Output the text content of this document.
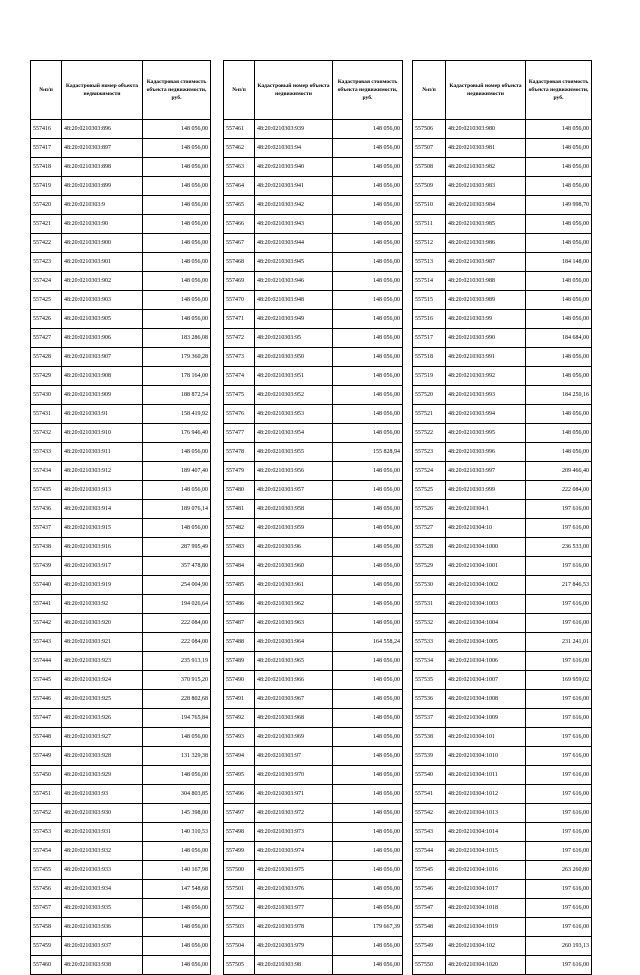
№п/п	Кадастровый номер объекта недвижимости	Кадастровая стоимость объекта недвижимости, руб.
557416	48:20:0210303:896	148 056,00
557417	48:20:0210303:897	148 056,00
557418	48:20:0210303:898	148 056,00
557419	48:20:0210303:899	148 056,00
557420	48:20:0210303:9	148 056,00
557421	48:20:0210303:90	148 056,00
557422	48:20:0210303:900	148 056,00
557423	48:20:0210303:901	148 056,00
557424	48:20:0210303:902	148 056,00
557425	48:20:0210303:903	148 056,00
557426	48:20:0210303:905	148 056,00
557427	48:20:0210303:906	183 286,08
557428	48:20:0210303:907	179 360,28
557429	48:20:0210303:908	178 164,00
557430	48:20:0210303:909	188 872,54
557431	48:20:0210303:91	158 419,92
557432	48:20:0210303:910	176 946,40
557433	48:20:0210303:911	148 056,00
557434	48:20:0210303:912	189 407,40
557435	48:20:0210303:913	148 056,00
557436	48:20:0210303:914	189 076,14
557437	48:20:0210303:915	148 056,00
557438	48:20:0210303:916	287 995,49
557439	48:20:0210303:917	357 478,80
557440	48:20:0210303:919	254 004,90
557441	48:20:0210303:92	194 026,64
557442	48:20:0210303:920	222 084,00
557443	48:20:0210303:921	222 084,00
557444	48:20:0210303:923	235 913,19
557445	48:20:0210303:924	370 915,20
557446	48:20:0210303:925	228 802,68
557447	48:20:0210303:926	194 765,84
557448	48:20:0210303:927	148 056,00
557449	48:20:0210303:928	131 329,38
557450	48:20:0210303:929	148 056,00
557451	48:20:0210303:93	304 803,85
557452	48:20:0210303:930	145 398,00
557453	48:20:0210303:931	140 310,53
557454	48:20:0210303:932	148 056,00
557455	48:20:0210303:933	140 167,98
557456	48:20:0210303:934	147 548,68
557457	48:20:0210303:935	148 056,00
557458	48:20:0210303:936	148 056,00
557459	48:20:0210303:937	148 056,00
557460	48:20:0210303:938	148 056,00
№п/п	Кадастровый номер объекта недвижимости	Кадастровая стоимость объекта недвижимости, руб.
557461	48:20:0210303:939	148 056,00
557462	48:20:0210303:94	148 056,00
557463	48:20:0210303:940	148 056,00
557464	48:20:0210303:941	148 056,00
557465	48:20:0210303:942	148 056,00
557466	48:20:0210303:943	148 056,00
557467	48:20:0210303:944	148 056,00
557468	48:20:0210303:945	148 056,00
557469	48:20:0210303:946	148 056,00
557470	48:20:0210303:948	148 056,00
557471	48:20:0210303:949	148 056,00
557472	48:20:0210303:95	148 056,00
557473	48:20:0210303:950	148 056,00
557474	48:20:0210303:951	148 056,00
557475	48:20:0210303:952	148 056,00
557476	48:20:0210303:953	148 056,00
557477	48:20:0210303:954	148 056,00
557478	48:20:0210303:955	155 828,94
557479	48:20:0210303:956	148 056,00
557480	48:20:0210303:957	148 056,00
557481	48:20:0210303:958	148 056,00
557482	48:20:0210303:959	148 056,00
557483	48:20:0210303:96	148 056,00
557484	48:20:0210303:960	148 056,00
557485	48:20:0210303:961	148 056,00
557486	48:20:0210303:962	148 056,00
557487	48:20:0210303:963	148 056,00
557488	48:20:0210303:964	164 558,24
557489	48:20:0210303:965	148 056,00
557490	48:20:0210303:966	148 056,00
557491	48:20:0210303:967	148 056,00
557492	48:20:0210303:968	148 056,00
557493	48:20:0210303:969	148 056,00
557494	48:20:0210303:97	148 056,00
557495	48:20:0210303:970	148 056,00
557496	48:20:0210303:971	148 056,00
557497	48:20:0210303:972	148 056,00
557498	48:20:0210303:973	148 056,00
557499	48:20:0210303:974	148 056,00
557500	48:20:0210303:975	148 056,00
557501	48:20:0210303:976	148 056,00
557502	48:20:0210303:977	148 056,00
557503	48:20:0210303:978	179 667,39
557504	48:20:0210303:979	148 056,00
557505	48:20:0210303:98	148 056,00
№п/п	Кадастровый номер объекта недвижимости	Кадастровая стоимость объекта недвижимости, руб.
557506	48:20:0210303:980	148 056,00
557507	48:20:0210303:981	148 056,00
557508	48:20:0210303:982	148 056,00
557509	48:20:0210303:983	148 056,00
557510	48:20:0210303:984	149 998,70
557511	48:20:0210303:985	148 056,00
557512	48:20:0210303:986	148 056,00
557513	48:20:0210303:987	184 148,00
557514	48:20:0210303:988	148 056,00
557515	48:20:0210303:989	148 056,00
557516	48:20:0210303:99	148 056,00
557517	48:20:0210303:990	184 684,00
557518	48:20:0210303:991	148 056,00
557519	48:20:0210303:992	148 056,00
557520	48:20:0210303:993	184 250,16
557521	48:20:0210303:994	148 056,00
557522	48:20:0210303:995	148 056,00
557523	48:20:0210303:996	148 056,00
557524	48:20:0210303:997	209 466,40
557525	48:20:0210303:999	222 084,00
557526	48:20:0210304:1	197 616,00
557527	48:20:0210304:10	197 616,00
557528	48:20:0210304:1000	236 533,00
557529	48:20:0210304:1001	197 616,00
557530	48:20:0210304:1002	217 846,53
557531	48:20:0210304:1003	197 616,00
557532	48:20:0210304:1004	197 616,00
557533	48:20:0210304:1005	231 241,01
557534	48:20:0210304:1006	197 616,00
557535	48:20:0210304:1007	169 959,02
557536	48:20:0210304:1008	197 616,00
557537	48:20:0210304:1009	197 616,00
557538	48:20:0210304:101	197 616,00
557539	48:20:0210304:1010	197 616,00
557540	48:20:0210304:1011	197 616,00
557541	48:20:0210304:1012	197 616,00
557542	48:20:0210304:1013	197 616,00
557543	48:20:0210304:1014	197 616,00
557544	48:20:0210304:1015	197 616,00
557545	48:20:0210304:1016	263 260,80
557546	48:20:0210304:1017	197 616,00
557547	48:20:0210304:1018	197 616,00
557548	48:20:0210304:1019	197 616,00
557549	48:20:0210304:102	260 193,13
557550	48:20:0210304:1020	197 616,00
